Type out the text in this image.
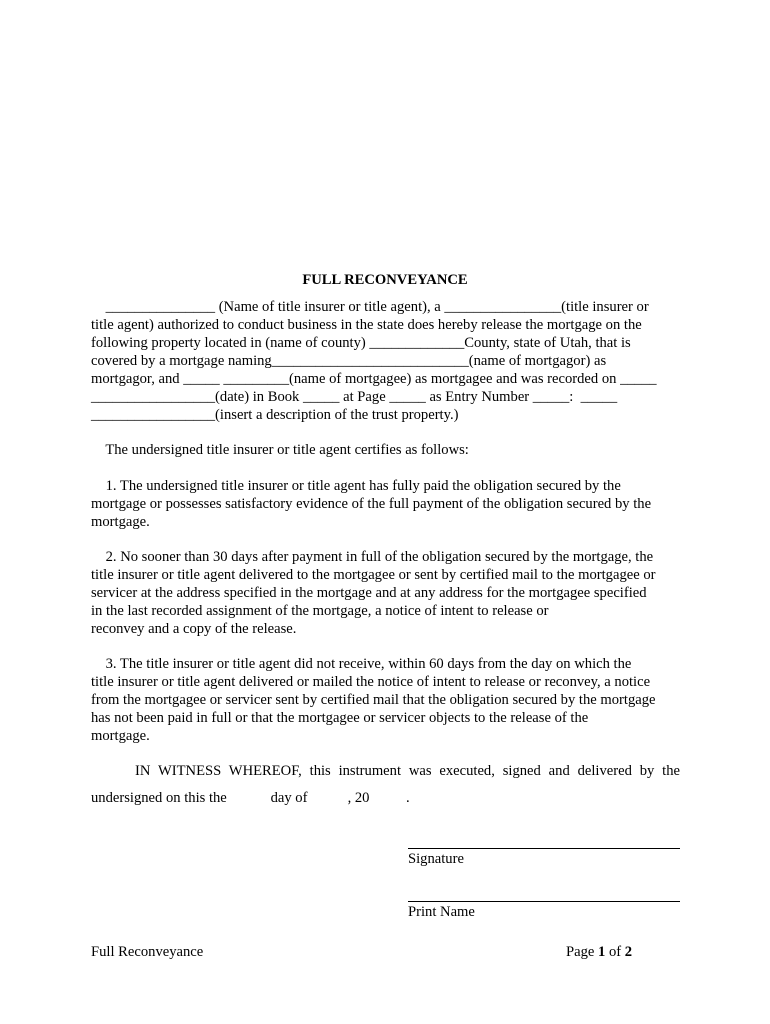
FULL RECONVEYANCE
_______________ (Name of title insurer or title agent), a ________________(title insurer or
title agent) authorized to conduct business in the state does hereby release the mortgage on the
following property located in (name of county) _____________County, state of Utah, that is
covered by a mortgage naming___________________________(name of mortgagor) as
mortgagor, and _____ _________(name of mortgagee) as mortgagee and was recorded on _____
_________________(date) in Book _____ at Page _____ as Entry Number _____:  _____
_________________(insert a description of the trust property.)
The undersigned title insurer or title agent certifies as follows:
1. The undersigned title insurer or title agent has fully paid the obligation secured by the
mortgage or possesses satisfactory evidence of the full payment of the obligation secured by the
mortgage.
2. No sooner than 30 days after payment in full of the obligation secured by the mortgage, the
title insurer or title agent delivered to the mortgagee or sent by certified mail to the mortgagee or
servicer at the address specified in the mortgage and at any address for the mortgagee specified
in the last recorded assignment of the mortgage, a notice of intent to release or
reconvey and a copy of the release.
3. The title insurer or title agent did not receive, within 60 days from the day on which the
title insurer or title agent delivered or mailed the notice of intent to release or reconvey, a notice
from the mortgagee or servicer sent by certified mail that the obligation secured by the mortgage
has not been paid in full or that the mortgagee or servicer objects to the release of the
mortgage.
IN WITNESS WHEREOF, this instrument was executed, signed and delivered by the
undersigned on this the            day of           , 20          .
Signature
Print Name
Full Reconveyance	Page 1 of 2
